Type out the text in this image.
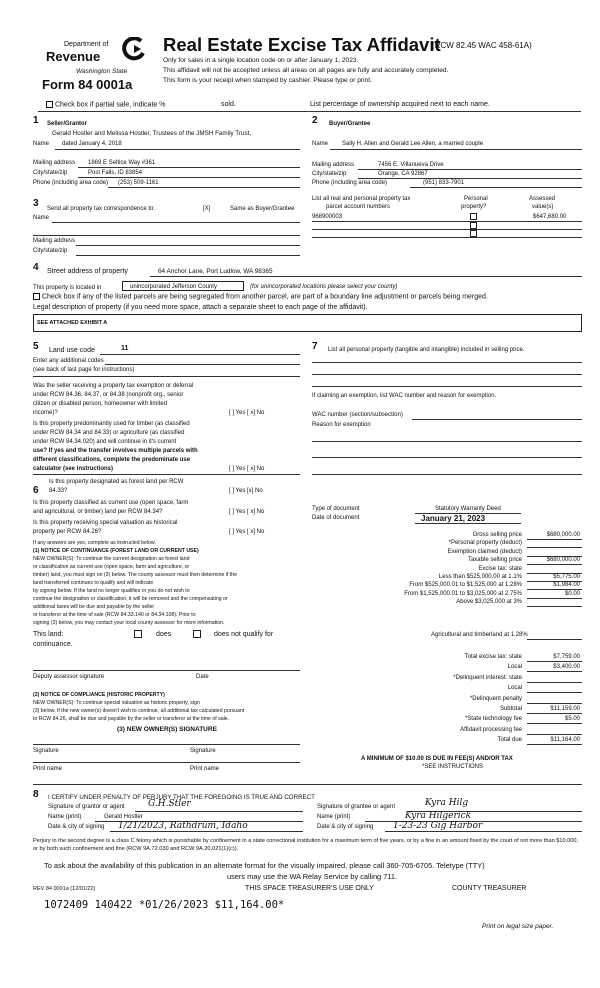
Department of
Revenue
Washington State
Form 84 0001a
Real Estate Excise Tax Affidavit
(RCW 82.45 WAC 458-61A)
Only for sales in a single location code on or after January 1, 2023.
This affidavit will not be accepted unless all areas on all pages are fully and accurately completed.
This form is your receipt when stamped by cashier. Please type or print.
Check box if partial sale, indicate %	sold.	List percentage of ownership acquired next to each name.
1 Seller/Grantor
Gerald Hostler and Melissa Hostler, Trustees of the JMSH Family Trust,
Name dated January 4, 2018
Mailing address 1869 E Seltice Way #361
City/state/zip	Post Falls, ID 83854
Phone (including area code) (253) 509-1161
2 Buyer/Grantee
Name Sally H. Allen and Gerald Lee Allen, a married couple
Mailing address	7456 E. Villanueva Drive
City/state/zip	Orange, CA 92867
Phone (including area code)	(951) 833-7901
3 Send all property tax correspondence to:	[X]	Same as Buyer/Grantee
Name
Mailing address
City/state/zip
List all real and personal property tax
parcel account numbers
Personal
property?
Assessed
value(s)
968900003	$647,680.00
4 Street address of property	64 Anchor Lane, Port Ludlow, WA 98365
This property is located in	unincorporated Jefferson County	(for unincorporated locations please select your county)
Check box if any of the listed parcels are being segregated from another parcel, are part of a boundary line adjustment or parcels being merged.
Legal description of property (if you need more space, attach a separate sheet to each page of the affidavit).
SEE ATTACHED EXHIBIT A
5 Land use code	11
Enter any additional codes
(see back of last page for instructions)
Was the seller receiving a property tax exemption or deferral
under RCW 84.36, 84.37, or 84.38 (nonprofit org., senior
citizen or disabled person, homeowner with limited
income)?	[ ] Yes [ x] No
Is this property predominantly used for timber (as classified
under RCW 84.34 and 84.33) or agriculture (as classified
under RCW 84.34.020) and will continue in it's current
use? If yes and the transfer involves multiple parcels with
different classifications, complete the predominate use
calculator (see instructions)	[ ] Yes [ x] No
6
Is this property designated as forest land per RCW
84.33?	[ ] Yes [x] No
Is this property classified as current use (open space, farm
and agricultural, or timber) land per RCW 84.34?	[ ] Yes [ x] No
Is this property receiving special valuation as historical
property per RCW 84.26?	[ ] Yes [ x] No
If any answers are yes, complete as instructed below.
(1) NOTICE OF CONTINUANCE (FOREST LAND OR CURRENT USE)
NEW OWNER(S): To continue the current designation as forest land
or classification as current use (open space, farm and agriculture, or
timber) land, you must sign on (3) below. The county assessor must then determine if the
land transferred continues to qualify and will indicate
by signing below. If the land no longer qualifies or you do not wish to
continue the designation or classification, it will be removed and the compensating or
additional taxes will be due and payable by the seller
or transferor at the time of sale (RCW 84.33.140 or 84.34.108). Prior to
signing (3) below, you may contact your local county assessor for more information.
This land:	does	does not qualify for
continuance.
Deputy assessor signature	Date
(2) NOTICE OF COMPLIANCE (HISTORIC PROPERTY)
NEW OWNER(S): To continue special valuation as historic property, sign
(3) below. If the new owner(s) doesn't wish to continue, all additional tax calculated pursuant
to RCW 84.26, shall be due and payable by the seller or transferor at the time of sale.
(3) NEW OWNER(S) SIGNATURE
Signature	Signature
Print name	Print name
7 List all personal property (tangible and intangible) included in selling price.
If claiming an exemption, list WAC number and reason for exemption.
WAC number (section/subsection)
Reason for exemption
Type of document	Statutory Warranty Deed
Date of document	January 21, 2023
Gross selling price	$680,000.00
*Personal property (deduct)
Exemption claimed (deduct)
Taxable selling price	$680,000.00
Excise tax: state
Less than $525,000.00 at 1.1%	$5,775.00
From $525,000.01 to $1,525,000 at 1.28%	$1,984.00
From $1,525,000.01 to $3,025,000 at 2.75%	$0.00
Above $3,025,000 at 3%
Agricultural and timberland at 1.28%
Total excise tax: state	$7,759.00
Local	$3,400.00
*Delinquent interest: state
Local
*Delinquent penalty
Subtotal	$11,159.00
*State technology fee	$5.00
Affidavit processing fee
Total due	$11,164.00
A MINIMUM OF $10.00 IS DUE IN FEE(S) AND/OR TAX
*SEE INSTRUCTIONS
8 I CERTIFY UNDER PENALTY OF PERJURY THAT THE FOREGOING IS TRUE AND CORRECT
Signature of grantor or agent	G.H.Stler
Name (print)	Gerald Hostler
Date & city of signing 1/21/2023, Rathdrum, Idaho
Signature of grantee or agent	Kyra Hilg
Name (print)	Kyra Hilgerick
Date & city of signing 1-23-23 Gig Harbor
Perjury in the second degree is a class C felony which is punishable by confinement in a state correctional institution for a maximum term of five years, or by a fine in an amount fixed by the court of not more than $10,000, or by both such confinement and fine (RCW 9A.72.030 and RCW 9A.20.021(1)(c)).
To ask about the availability of this publication in an alternate format for the visually impaired, please call 360-705-6705. Teletype (TTY)
users may use the WA Relay Service by calling 711.
REV 84 0001a (12/01/22)	THIS SPACE TREASURER'S USE ONLY	COUNTY TREASURER
1072409 140422 *01/26/2023 $11,164.00*
Print on legal size paper.
